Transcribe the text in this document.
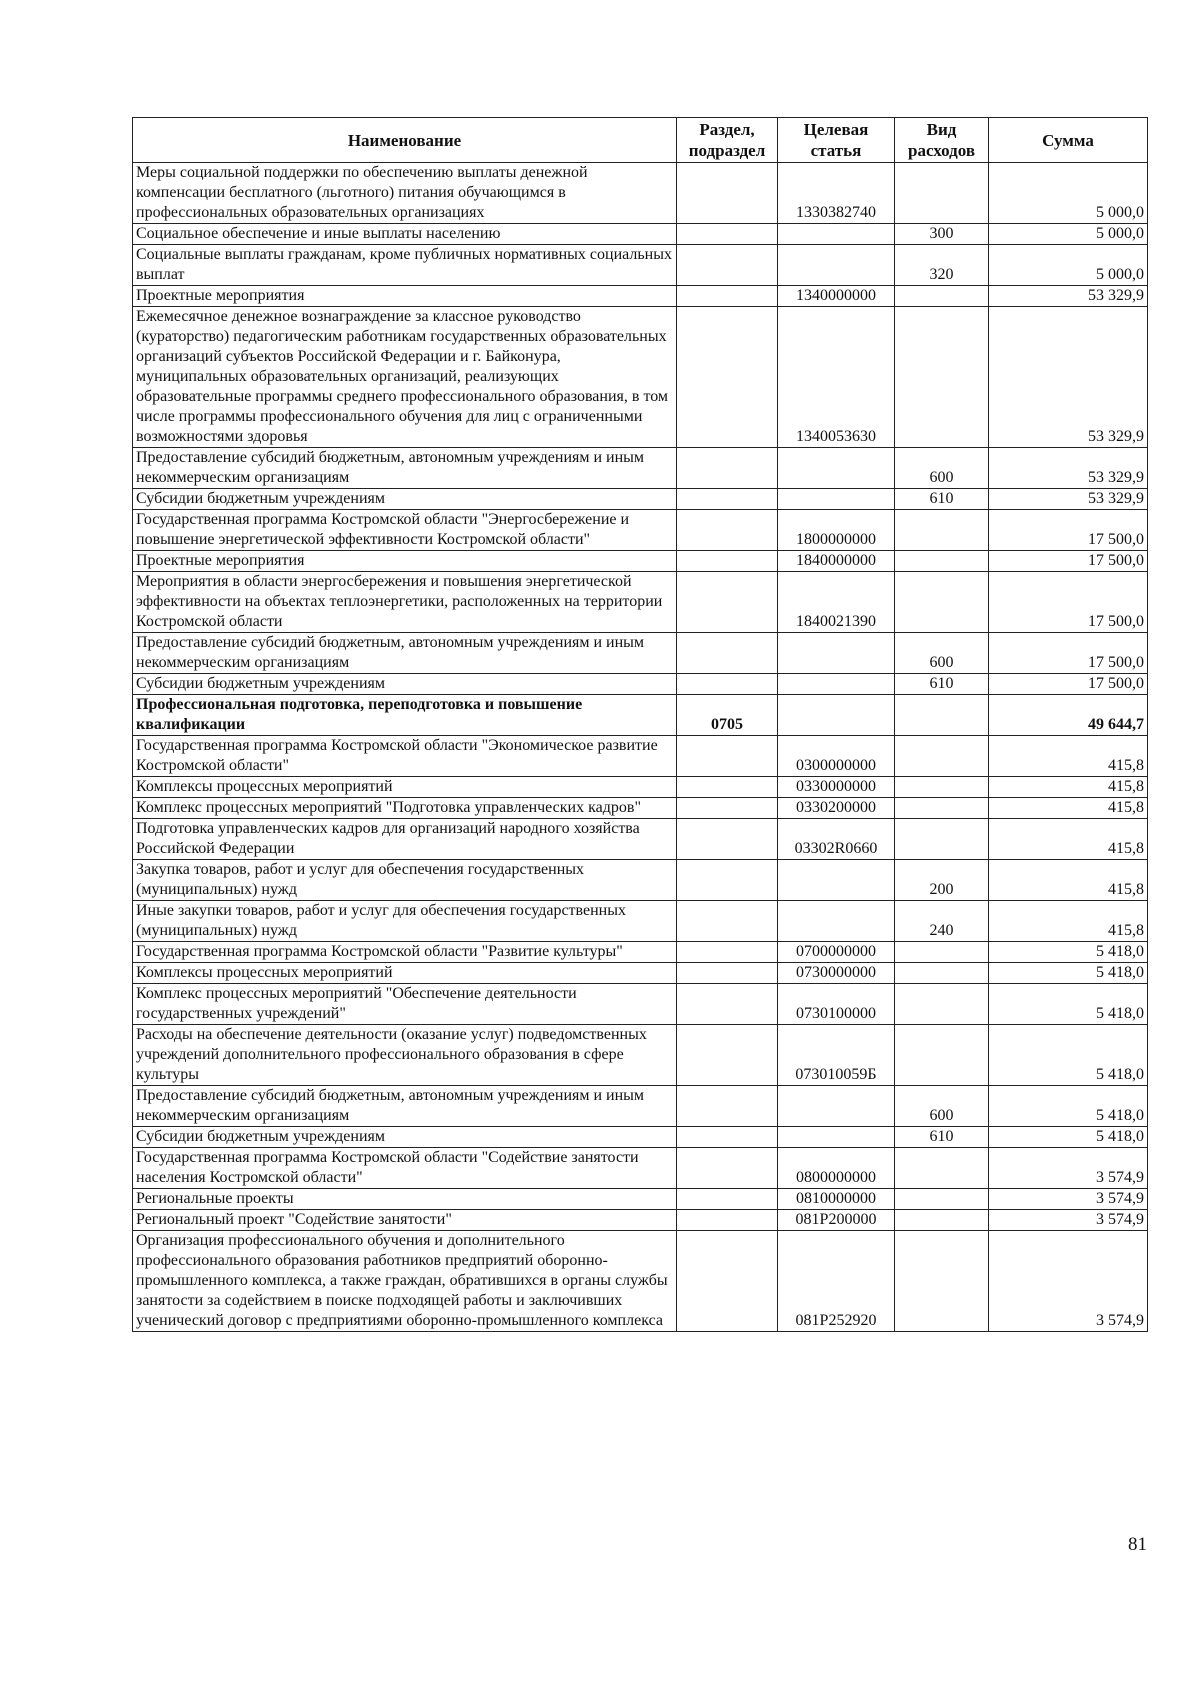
Наименование	Раздел, подраздел	Целевая статья	Вид расходов	Сумма
Меры социальной поддержки по обеспечению выплаты денежной компенсации бесплатного (льготного) питания обучающимся в профессиональных образовательных организациях		1330382740		5 000,0
Социальное обеспечение и иные выплаты населению			300	5 000,0
Социальные выплаты гражданам, кроме публичных нормативных социальных выплат			320	5 000,0
Проектные мероприятия		1340000000		53 329,9
Ежемесячное денежное вознаграждение за классное руководство (кураторство) педагогическим работникам государственных образовательных организаций субъектов Российской Федерации и г. Байконура, муниципальных образовательных организаций, реализующих образовательные программы среднего профессионального образования, в том числе программы профессионального обучения для лиц с ограниченными возможностями здоровья		1340053630		53 329,9
Предоставление субсидий бюджетным, автономным учреждениям и иным некоммерческим организациям			600	53 329,9
Субсидии бюджетным учреждениям			610	53 329,9
Государственная программа Костромской области "Энергосбережение и повышение энергетической эффективности Костромской области"		1800000000		17 500,0
Проектные мероприятия		1840000000		17 500,0
Мероприятия в области энергосбережения и повышения энергетической эффективности на объектах теплоэнергетики, расположенных на территории Костромской области		1840021390		17 500,0
Предоставление субсидий бюджетным, автономным учреждениям и иным некоммерческим организациям			600	17 500,0
Субсидии бюджетным учреждениям			610	17 500,0
Профессиональная подготовка, переподготовка и повышение квалификации	0705			49 644,7
Государственная программа Костромской области "Экономическое развитие Костромской области"		0300000000		415,8
Комплексы процессных мероприятий		0330000000		415,8
Комплекс процессных мероприятий "Подготовка управленческих кадров"		0330200000		415,8
Подготовка управленческих кадров для организаций народного хозяйства Российской Федерации		03302R0660		415,8
Закупка товаров, работ и услуг для обеспечения государственных (муниципальных) нужд			200	415,8
Иные закупки товаров, работ и услуг для обеспечения государственных (муниципальных) нужд			240	415,8
Государственная программа Костромской области "Развитие культуры"		0700000000		5 418,0
Комплексы процессных мероприятий		0730000000		5 418,0
Комплекс процессных мероприятий "Обеспечение деятельности государственных учреждений"		0730100000		5 418,0
Расходы на обеспечение деятельности (оказание услуг) подведомственных учреждений дополнительного профессионального образования в сфере культуры		073010059Б		5 418,0
Предоставление субсидий бюджетным, автономным учреждениям и иным некоммерческим организациям			600	5 418,0
Субсидии бюджетным учреждениям			610	5 418,0
Государственная программа Костромской области "Содействие занятости населения Костромской области"		0800000000		3 574,9
Региональные проекты		0810000000		3 574,9
Региональный проект "Содействие занятости"		081P200000		3 574,9
Организация профессионального обучения и дополнительного профессионального образования работников предприятий оборонно-промышленного комплекса, а также граждан, обратившихся в органы службы занятости за содействием в поиске подходящей работы и заключивших ученический договор с предприятиями оборонно-промышленного комплекса		081P252920		3 574,9
81
